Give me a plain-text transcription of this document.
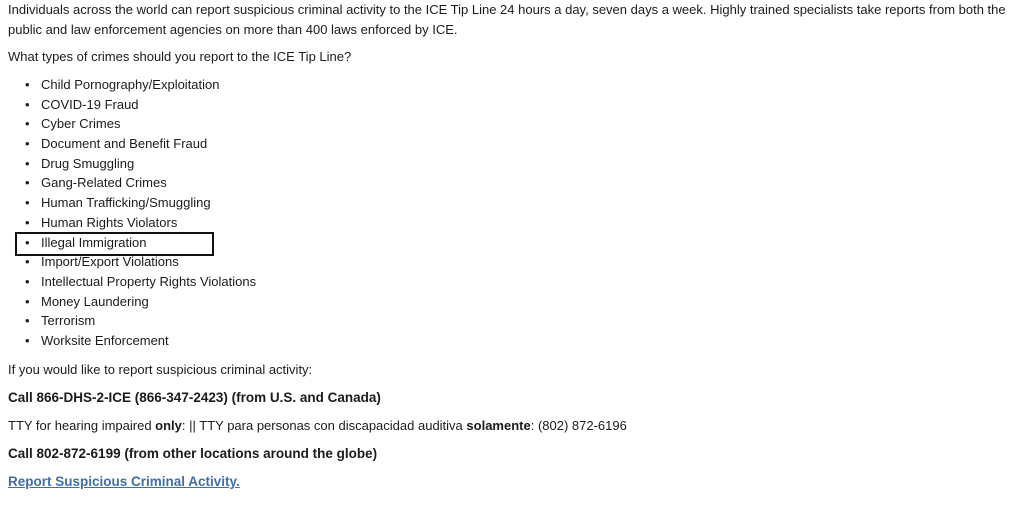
Individuals across the world can report suspicious criminal activity to the ICE Tip Line 24 hours a day, seven days a week. Highly trained specialists take reports from both the public and law enforcement agencies on more than 400 laws enforced by ICE.

What types of crimes should you report to the ICE Tip Line?

• Child Pornography/Exploitation
• COVID-19 Fraud
• Cyber Crimes
• Document and Benefit Fraud
• Drug Smuggling
• Gang-Related Crimes
• Human Trafficking/Smuggling
• Human Rights Violators
• Illegal Immigration
• Import/Export Violations
• Intellectual Property Rights Violations
• Money Laundering
• Terrorism
• Worksite Enforcement

If you would like to report suspicious criminal activity:

Call 866-DHS-2-ICE (866-347-2423) (from U.S. and Canada)

TTY for hearing impaired only: || TTY para personas con discapacidad auditiva solamente: (802) 872-6196

Call 802-872-6199 (from other locations around the globe)

Report Suspicious Criminal Activity.
